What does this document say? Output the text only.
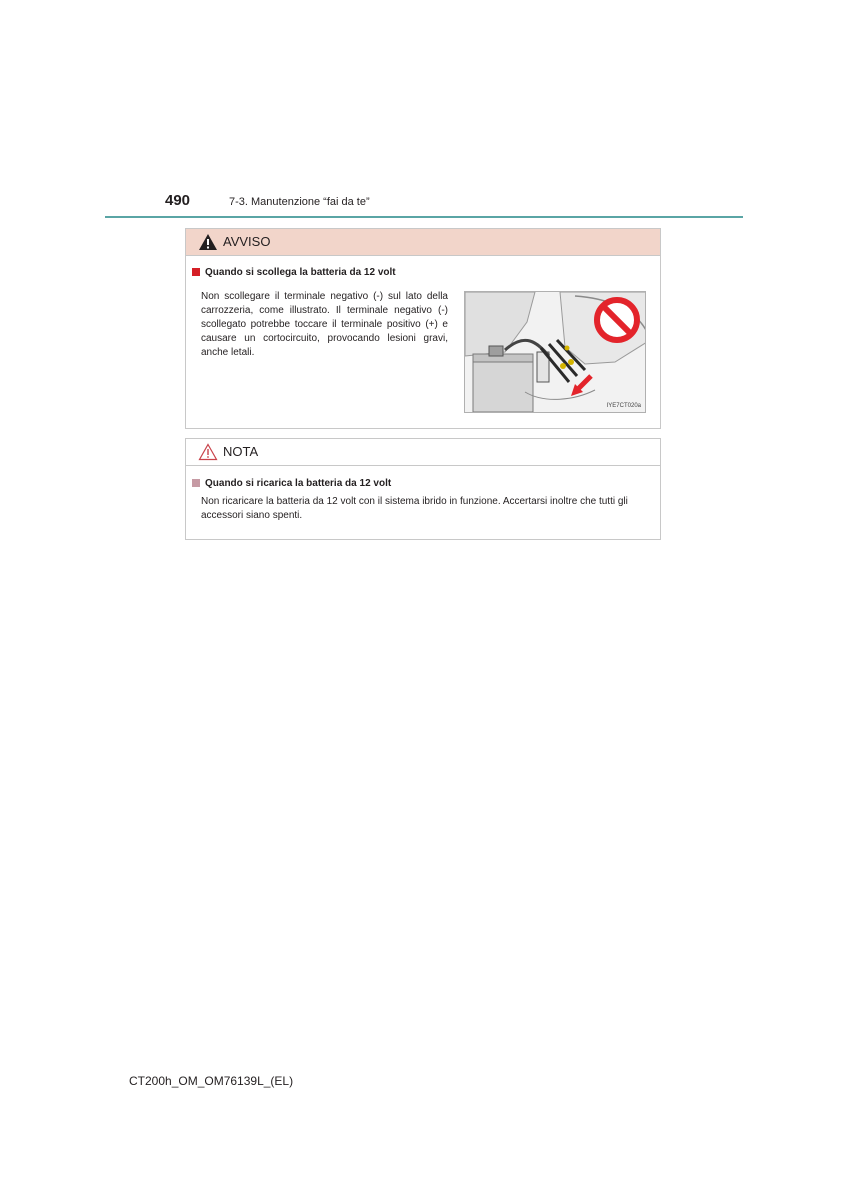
490	7-3. Manutenzione “fai da te”
AVVISO
Quando si scollega la batteria da 12 volt
Non scollegare il terminale negativo (-) sul lato della carrozzeria, come illustrato. Il terminale negativo (-) scollegato potrebbe toccare il terminale positivo (+) e causare un cortocircuito, provocando lesioni gravi, anche letali.
IYE7CT020a
NOTA
Quando si ricarica la batteria da 12 volt
Non ricaricare la batteria da 12 volt con il sistema ibrido in funzione. Accertarsi inoltre che tutti gli accessori siano spenti.
CT200h_OM_OM76139L_(EL)
